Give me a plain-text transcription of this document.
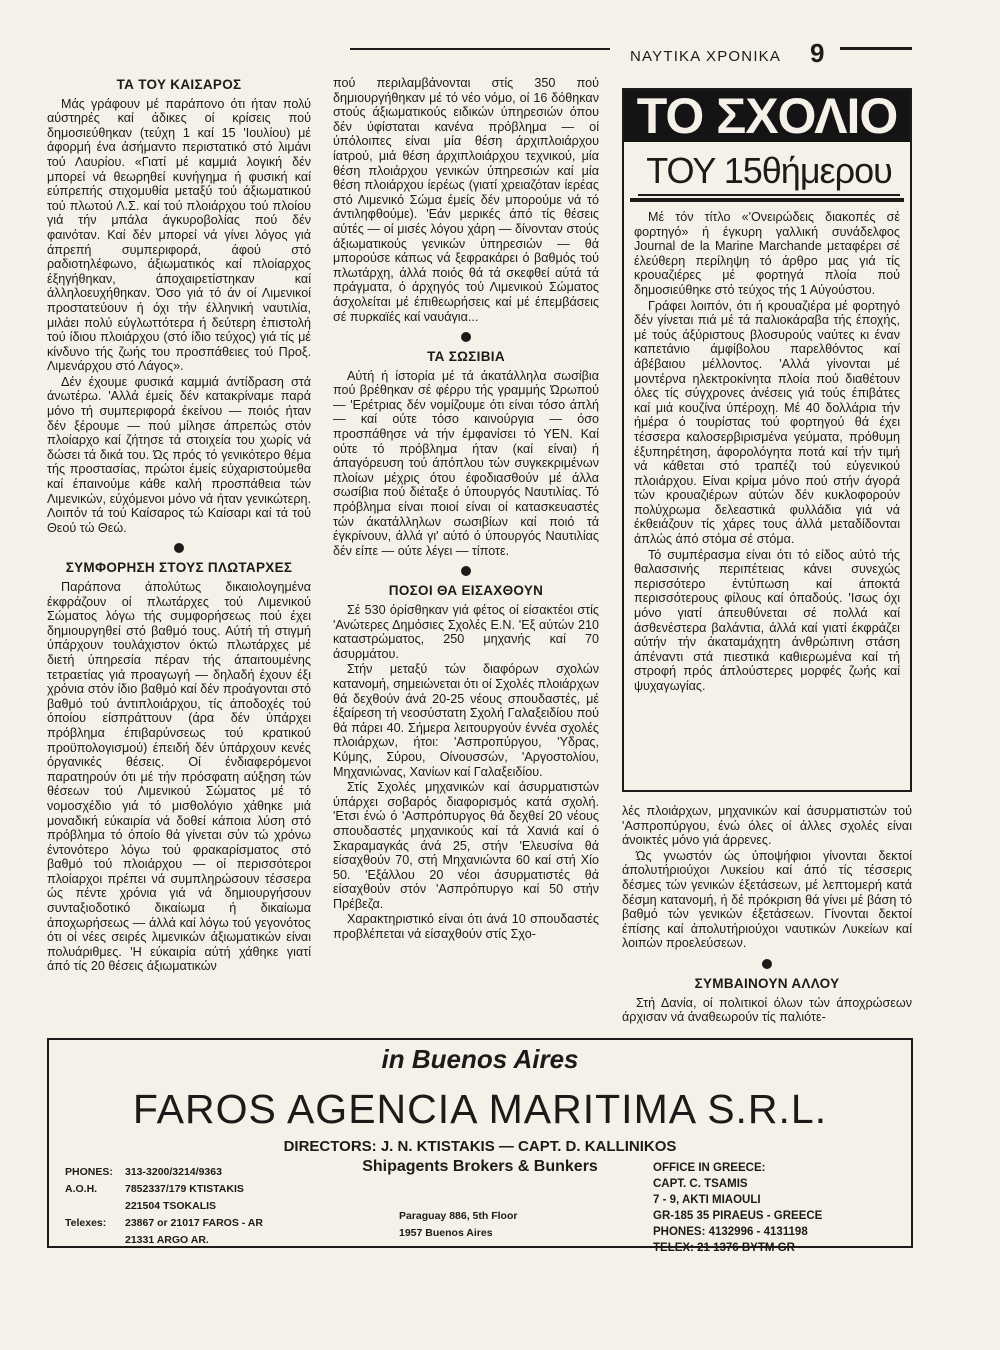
ΝΑΥΤΙΚΑ ΧΡΟΝΙΚΑ 9
ΤΑ ΤΟΥ ΚΑΙΣΑΡΟΣ

Μάς γράφουν μέ παράπονο ότι ήταν πολύ αύστηρές καί άδικες οί κρίσεις πού δημοσιεύθηκαν (τεύχη 1 καί 15 'Ιουλίου) μέ άφορμή ένα άσήμαντο περιστατικό στό λιμάνι τού Λαυρίου. «Γιατί μέ καμμιά λογική δέν μπορεί νά θεωρηθεί κυνήγημα ή φυσική καί εύπρεπής στιχομυθία μεταξύ τού άξιωματικού τού πλωτού Λ.Σ. καί τού πλοιάρχου τού πλοίου γιά τήν μπάλα άγκυροβολίας πού δέν φαινόταν. Καί δέν μπορεί νά γίνει λόγος γιά άπρεπή συμπεριφορά, άφού στό ραδιοτηλέφωνο, άξιωματικός καί πλοίαρχος έξηγήθηκαν, άποχαιρετίστηκαν καί άλληλοευχήθηκαν. Όσο γιά τό άν οί Λιμενικοί προστατεύουν ή όχι τήν έλληνική ναυτιλία, μιλάει πολύ εύγλωττότερα ή δεύτερη έπιστολή τού ίδιου πλοιάρχου (στό ίδιο τεύχος) γιά τίς μέ κίνδυνο τής ζωής του προσπάθειες τού Προξ. Λιμενάρχου στό Λάγος».

Δέν έχουμε φυσικά καμμιά άντίδραση στά άνωτέρω. 'Αλλά έμείς δέν κατακρίναμε παρά μόνο τή συμπεριφορά έκείνου — ποιός ήταν δέν ξέρουμε — πού μίλησε άπρεπώς στόν πλοίαρχο καί ζήτησε τά στοιχεία του χωρίς νά δώσει τά δικά του. Ώς πρός τό γενικότερο θέμα τής προστασίας, πρώτοι έμείς εύχαριστούμεθα καί έπαινούμε κάθε καλή προσπάθεια τών Λιμενικών, εύχόμενοι μόνο νά ήταν γενικώτερη. Λοιπόν τά τού Καίσαρος τώ Καίσαρι καί τά τού Θεού τώ Θεώ.

ΣΥΜΦΟΡΗΣΗ ΣΤΟΥΣ ΠΛΩΤΑΡΧΕΣ

Παράπονα άπολύτως δικαιολογημένα έκφράζουν οί πλωτάρχες τού Λιμενικού Σώματος λόγω τής συμφορήσεως πού έχει δημιουργηθεί στό βαθμό τους. Αύτή τή στιγμή ύπάρχουν τουλάχιστον όκτώ πλωτάρχες μέ διετή ύπηρεσία πέραν τής άπαιτουμένης τετραετίας γιά προαγωγή — δηλαδή έχουν έξι χρόνια στόν ίδιο βαθμό καί δέν προάγονται στό βαθμό τού άντιπλοιάρχου, τίς άποδοχές τού όποίου είσπράττουν (άρα δέν ύπάρχει πρόβλημα έπιβαρύνσεως τού κρατικού προϋπολογισμού) έπειδή δέν ύπάρχουν κενές όργανικές θέσεις. Οί ένδιαφερόμενοι παρατηρούν ότι μέ τήν πρόσφατη αύξηση τών θέσεων τού Λιμενικού Σώματος μέ τό νομοσχέδιο γιά τό μισθολόγιο χάθηκε μιά μοναδική εύκαιρία νά δοθεί κάποια λύση στό πρόβλημα τό όποίο θά γίνεται σύν τώ χρόνω έντονότερο λόγω τού φρακαρίσματος στό βαθμό τού πλοιάρχου — οί περισσότεροι πλοίαρχοι πρέπει νά συμπληρώσουν τέσσερα ώς πέντε χρόνια γιά νά δημιουργήσουν συνταξιοδοτικό δικαίωμα ή δικαίωμα άποχωρήσεως — άλλά καί λόγω τού γεγονότος ότι οί νέες σειρές λιμενικών άξιωματικών είναι πολυάριθμες. 'Η εύκαιρία αύτή χάθηκε γιατί άπό τίς 20 θέσεις άξιωματικών

πού περιλαμβάνονται στίς 350 πού δημιουργήθηκαν μέ τό νέο νόμο, οί 16 δόθηκαν στούς άξιωματικούς ειδικών ύπηρεσιών όπου δέν ύφίσταται κανένα πρόβλημα — οί ύπόλοιπες είναι μία θέση άρχιπλοιάρχου ίατρού, μιά θέση άρχιπλοιάρχου τεχνικού, μία θέση πλοιάρχου γενικών ύπηρεσιών καί μία θέση πλοιάρχου ίερέως (γιατί χρειαζόταν ίερέας στό Λιμενικό Σώμα έμείς δέν μπορούμε νά τό άντιληφθούμε). 'Εάν μερικές άπό τίς θέσεις αύτές — οί μισές λόγου χάρη — δίνονταν στούς άξιωματικούς γενικών ύπηρεσιών — θά μπορούσε κάπως νά ξεφρακάρει ό βαθμός τού πλωτάρχη, άλλά ποιός θά τά σκεφθεί αύτά τά πράγματα, ό άρχηγός τού Λιμενικού Σώματος άσχολείται μέ έπιθεωρήσεις καί μέ έπεμβάσεις σέ πυρκαϊές καί ναυάγια...

ΤΑ ΣΩΣΙΒΙΑ

Αύτή ή ίστορία μέ τά άκατάλληλα σωσίβια πού βρέθηκαν σέ φέρρυ τής γραμμής Ώρωπού — 'Ερέτριας δέν νομίζουμε ότι είναι τόσο άπλή — καί ούτε τόσο καινούργια — όσο προσπάθησε νά τήν έμφανίσει τό ΥΕΝ. Καί ούτε τό πρόβλημα ήταν (καί είναι) ή άπαγόρευση τού άπόπλου τών συγκεκριμένων πλοίων μέχρις ότου έφοδιασθούν μέ άλλα σωσίβια πού διέταξε ό ύπουργός Ναυτιλίας. Τό πρόβλημα είναι ποιοί είναι οί κατασκευαστές τών άκατάλληλων σωσιβίων καί ποιό τά έγκρίνουν, άλλά γι' αύτό ό ύπουργός Ναυτιλίας δέν είπε — ούτε λέγει — τίποτε.

ΠΟΣΟΙ ΘΑ ΕΙΣΑΧΘΟΥΝ

Σέ 530 όρίσθηκαν γιά φέτος οί είσακτέοι στίς 'Ανώτερες Δημόσιες Σχολές Ε.Ν. 'Εξ αύτών 210 καταστρώματος, 250 μηχανής καί 70 άσυρμάτου.

Στήν μεταξύ τών διαφόρων σχολών κατανομή, σημειώνεται ότι οί Σχολές πλοιάρχων θά δεχθούν άνά 20-25 νέους σπουδαστές, μέ έξαίρεση τή νεοσύστατη Σχολή Γαλαξειδίου πού θά πάρει 40. Σήμερα λειτουργούν έννέα σχολές πλοιάρχων, ήτοι: 'Ασπροπύργου, 'Υδρας, Κύμης, Σύρου, Οίνουσσών, 'Αργοστολίου, Μηχανιώνας, Χανίων καί Γαλαξειδίου.

Στίς Σχολές μηχανικών καί άσυρματιστών ύπάρχει σοβαρός διαφορισμός κατά σχολή. 'Ετσι ένώ ό 'Ασπρόπυργος θά δεχθεί 20 νέους σπουδαστές μηχανικούς καί τά Χανιά καί ό Σκαραμαγκάς άνά 25, στήν 'Ελευσίνα θά είσαχθούν 70, στή Μηχανιώντα 60 καί στή Χίο 50. 'Εξάλλου 20 νέοι άσυρματιστές θά είσαχθούν στόν 'Ασπρόπυργο καί 50 στήν Πρέβεζα.

Χαρακτηριστικό είναι ότι άνά 10 σπουδαστές προβλέπεται νά είσαχθούν στίς Σχο-

ΤΟ ΣΧΟΛΙΟ
ΤΟΥ 15θήμερου

Μέ τόν τίτλο «'Ονειρώδεις διακοπές σέ φορτηγό» ή έγκυρη γαλλική συνάδελφος Journal de la Marine Marchande μεταφέρει σέ έλεύθερη περίληψη τό άρθρο μας γιά τίς κρουαζιέρες μέ φορτηγά πλοία πού δημοσιεύθηκε στό τεύχος τής 1 Αύγούστου.

Γράφει λοιπόν, ότι ή κρουαζιέρα μέ φορτηγό δέν γίνεται πιά μέ τά παλιοκάραβα τής έποχής, μέ τούς άξύριστους βλοσυρούς ναύτες κι έναν καπετάνιο άμφίβολου παρελθόντος καί άβέβαιου μέλλοντος. 'Αλλά γίνονται μέ μοντέρνα ηλεκτροκίνητα πλοία πού διαθέτουν όλες τίς σύγχρονες άνέσεις γιά τούς έπιβάτες καί μιά κουζίνα ύπέροχη. Μέ 40 δολλάρια τήν ήμέρα ό τουρίστας τού φορτηγού θά έχει τέσσερα καλοσερβιρισμένα γεύματα, πρόθυμη έξυπηρέτηση, άφορολόγητα ποτά καί τήν τιμή νά κάθεται στό τραπέζι τού εύγενικού πλοιάρχου. Είναι κρίμα μόνο πού στήν άγορά τών κρουαζιέρων αύτών δέν κυκλοφορούν πολύχρωμα δελεαστικά φυλλάδια γιά νά έκθειάζουν τίς χάρες τους άλλά μεταδίδονται άπλώς άπό στόμα σέ στόμα.

Τό συμπέρασμα είναι ότι τό είδος αύτό τής θαλασσινής περιπέτειας κάνει συνεχώς περισσότερο έντύπωση καί άποκτά περισσότερους φίλους καί όπαδούς. 'Ισως όχι μόνο γιατί άπευθύνεται σέ πολλά καί άσθενέστερα βαλάντια, άλλά καί γιατί έκφράζει αύτήν τήν άκαταμάχητη άνθρώπινη στάση άπέναντι στά πιεστικά καθιερωμένα καί τή στροφή πρός άπλούστερες μορφές ζωής καί ψυχαγωγίας.

λές πλοιάρχων, μηχανικών καί άσυρματιστών τού 'Ασπροπύργου, ένώ όλες οί άλλες σχολές είναι άνοικτές μόνο γιά άρρενες.

Ώς γνωστόν ώς ύποψήφιοι γίνονται δεκτοί άπολυτήριούχοι Λυκείου καί άπό τίς τέσσερις δέσμες τών γενικών έξετάσεων, μέ λεπτομερή κατά δέσμη κατανομή, ή δέ πρόκριση θά γίνει μέ βάση τό βαθμό τών γενικών έξετάσεων. Γίνονται δεκτοί έπίσης καί άπολυτήριούχοι ναυτικών Λυκείων καί λοιπών προελεύσεων.

ΣΥΜΒΑΙΝΟΥΝ ΑΛΛΟΥ

Στή Δανία, οί πολιτικοί όλων τών άποχρώσεων άρχισαν νά άναθεωρούν τίς παλιότε-

in Buenos Aires
FAROS AGENCIA MARITIMA S.R.L.
DIRECTORS: J. N. KTISTAKIS — CAPT. D. KALLINIKOS
Shipagents Brokers & Bunkers
PHONES: 313-3200/3214/9363
A.O.H.	7852337/179 KTISTAKIS
221504 TSOKALIS
Telexes: 23867 or 21017 FAROS - AR
21331 ARGO AR.
Paraguay 886, 5th Floor
1957 Buenos Aires
OFFICE IN GREECE:
CAPT. C. TSAMIS
7 - 9, AKTI MIAOULI
GR-185 35 PIRAEUS - GREECE
PHONES: 4132996 - 4131198
TELEX: 21 1376 BYTM GR
